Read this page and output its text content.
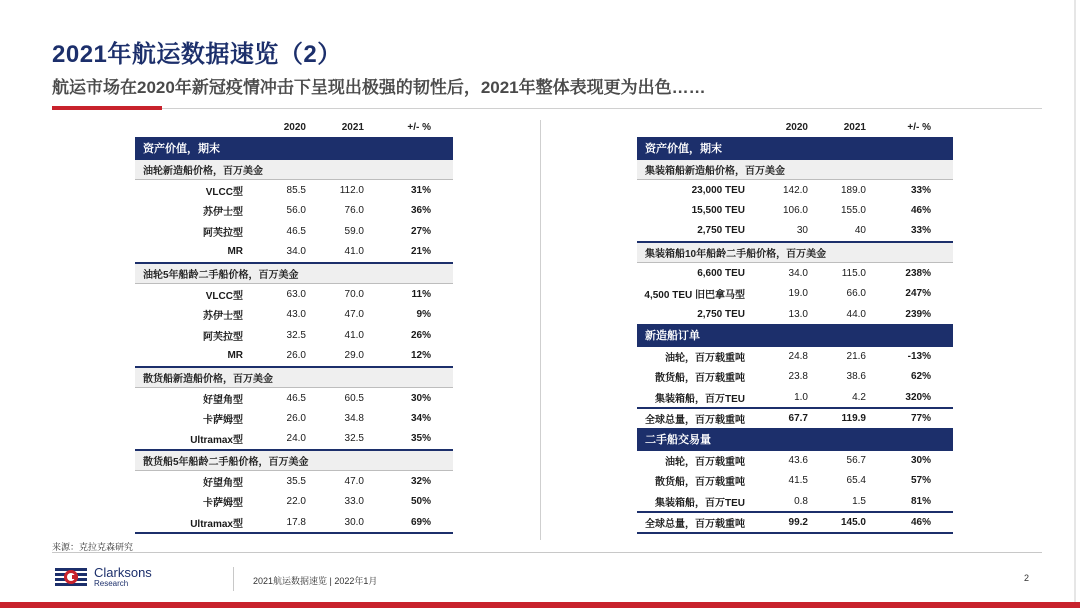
2021年航运数据速览（2）
航运市场在2020年新冠疫情冲击下呈现出极强的韧性后，2021年整体表现更为出色……
	2020	2021	+/- %
资产价值，期末			
油轮新造船价格，百万美金			
VLCC型	85.5	112.0	31%
苏伊士型	56.0	76.0	36%
阿芙拉型	46.5	59.0	27%
MR	34.0	41.0	21%
油轮5年船龄二手船价格，百万美金			
VLCC型	63.0	70.0	11%
苏伊士型	43.0	47.0	9%
阿芙拉型	32.5	41.0	26%
MR	26.0	29.0	12%
散货船新造船价格，百万美金			
好望角型	46.5	60.5	30%
卡萨姆型	26.0	34.8	34%
Ultramax型	24.0	32.5	35%
散货船5年船龄二手船价格，百万美金			
好望角型	35.5	47.0	32%
卡萨姆型	22.0	33.0	50%
Ultramax型	17.8	30.0	69%
	2020	2021	+/- %
资产价值，期末			
集装箱船新造船价格，百万美金			
23,000 TEU	142.0	189.0	33%
15,500 TEU	106.0	155.0	46%
2,750 TEU	30	40	33%
集装箱船10年船龄二手船价格，百万美金			
6,600 TEU	34.0	115.0	238%
4,500 TEU 旧巴拿马型	19.0	66.0	247%
2,750 TEU	13.0	44.0	239%
新造船订单			
油轮，百万载重吨	24.8	21.6	-13%
散货船，百万载重吨	23.8	38.6	62%
集装箱船，百万TEU	1.0	4.2	320%
全球总量，百万载重吨	67.7	119.9	77%
二手船交易量			
油轮，百万载重吨	43.6	56.7	30%
散货船，百万载重吨	41.5	65.4	57%
集装箱船，百万TEU	0.8	1.5	81%
全球总量，百万载重吨	99.2	145.0	46%
来源：克拉克森研究
Clarksons
Research	2021航运数据速览 | 2022年1月	2
